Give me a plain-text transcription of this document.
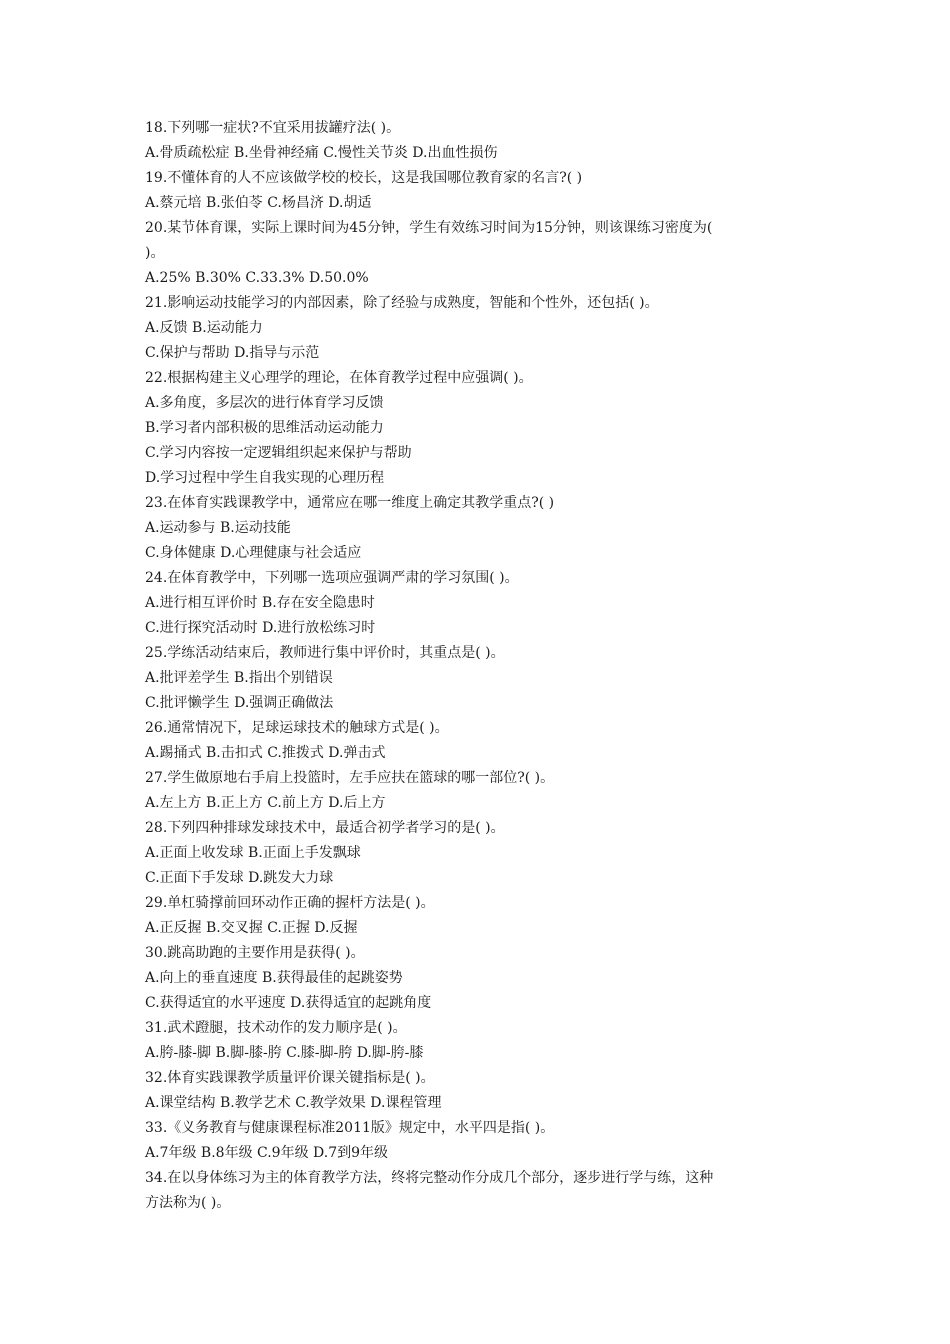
18.下列哪一症状?不宜采用拔罐疗法( )。
A.骨质疏松症 B.坐骨神经痛 C.慢性关节炎 D.出血性损伤
19.不懂体育的人不应该做学校的校长，这是我国哪位教育家的名言?( )
A.蔡元培 B.张伯苓 C.杨昌济 D.胡适
20.某节体育课，实际上课时间为45分钟，学生有效练习时间为15分钟，则该课练习密度为(
)。
A.25% B.30% C.33.3% D.50.0%
21.影响运动技能学习的内部因素，除了经验与成熟度，智能和个性外，还包括( )。
A.反馈 B.运动能力
C.保护与帮助 D.指导与示范
22.根据构建主义心理学的理论，在体育教学过程中应强调( )。
A.多角度，多层次的进行体育学习反馈
B.学习者内部积极的思维活动运动能力
C.学习内容按一定逻辑组织起来保护与帮助
D.学习过程中学生自我实现的心理历程
23.在体育实践课教学中，通常应在哪一维度上确定其教学重点?( )
A.运动参与 B.运动技能
C.身体健康 D.心理健康与社会适应
24.在体育教学中，下列哪一选项应强调严肃的学习氛围( )。
A.进行相互评价时 B.存在安全隐患时
C.进行探究活动时 D.进行放松练习时
25.学练活动结束后，教师进行集中评价时，其重点是( )。
A.批评差学生 B.指出个别错误
C.批评懒学生 D.强调正确做法
26.通常情况下，足球运球技术的触球方式是( )。
A.踢捅式 B.击扣式 C.推拨式 D.弹击式
27.学生做原地右手肩上投篮时，左手应扶在篮球的哪一部位?( )。
A.左上方 B.正上方 C.前上方 D.后上方
28.下列四种排球发球技术中，最适合初学者学习的是( )。
A.正面上收发球 B.正面上手发飘球
C.正面下手发球 D.跳发大力球
29.单杠骑撑前回环动作正确的握杆方法是( )。
A.正反握 B.交叉握 C.正握 D.反握
30.跳高助跑的主要作用是获得( )。
A.向上的垂直速度 B.获得最佳的起跳姿势
C.获得适宜的水平速度 D.获得适宜的起跳角度
31.武术蹬腿，技术动作的发力顺序是( )。
A.胯-膝-脚 B.脚-膝-胯 C.膝-脚-胯 D.脚-胯-膝
32.体育实践课教学质量评价课关键指标是( )。
A.课堂结构 B.教学艺术 C.教学效果 D.课程管理
33.《义务教育与健康课程标准2011版》规定中，水平四是指( )。
A.7年级 B.8年级 C.9年级 D.7到9年级
34.在以身体练习为主的体育教学方法，终将完整动作分成几个部分，逐步进行学与练，这种
方法称为( )。
